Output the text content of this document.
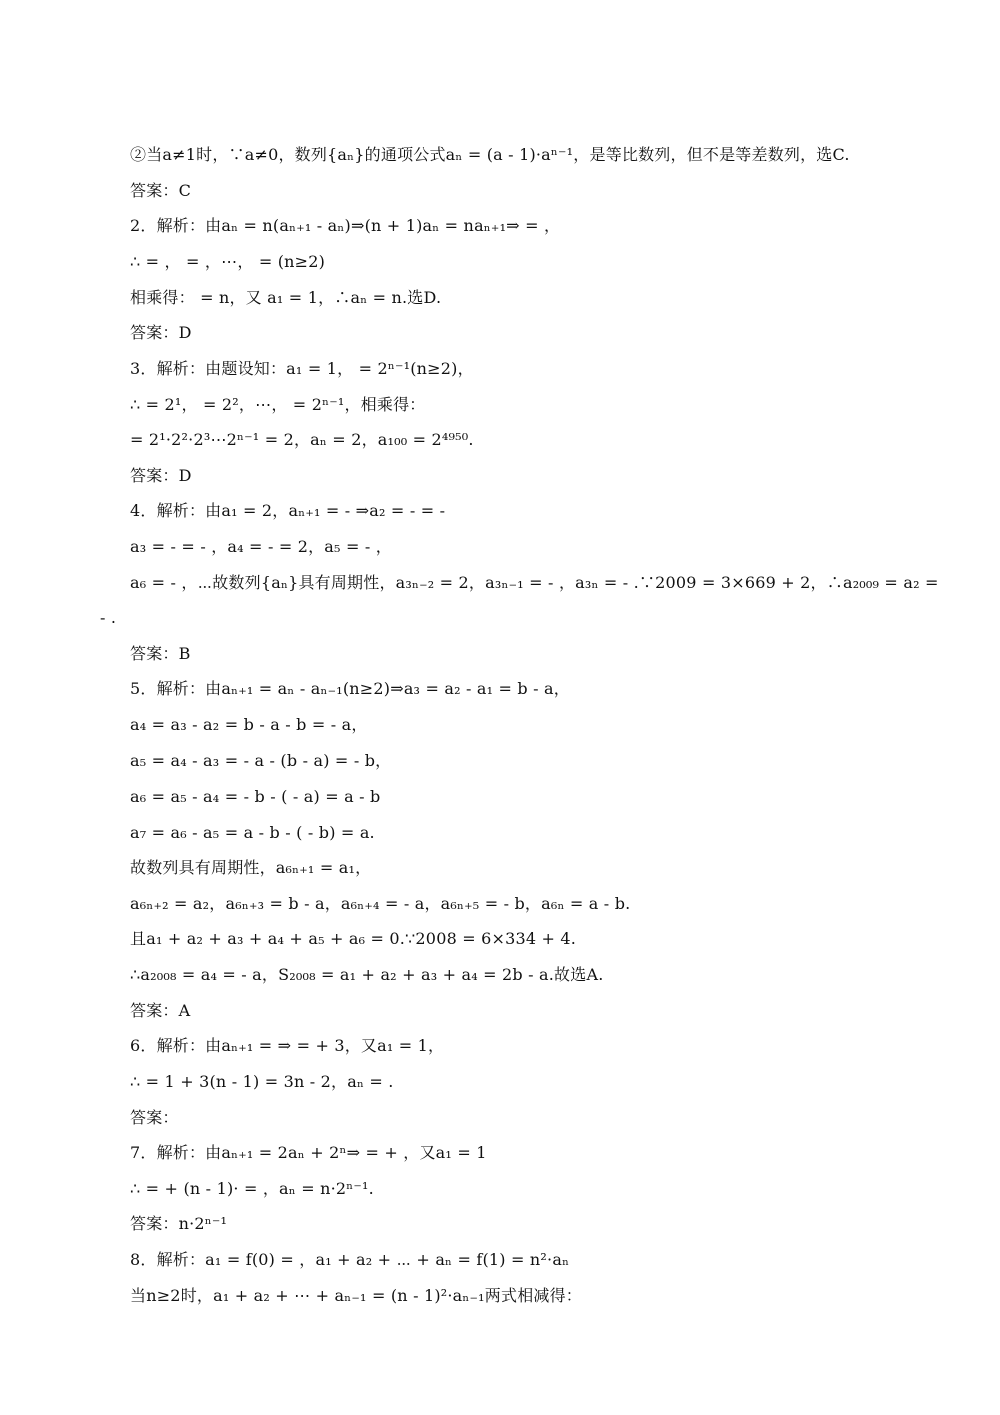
②当a≠1时，∵a≠0，数列{aₙ}的通项公式aₙ = (a - 1)·aⁿ⁻¹，是等比数列，但不是等差数列，选C.
答案：C
2．解析：由aₙ = n(aₙ₊₁ - aₙ)⇒(n + 1)aₙ = naₙ₊₁⇒ = ，
∴ = ， = ，⋯， = (n≥2)
相乘得： = n，又 a₁ = 1，∴aₙ = n.选D.
答案：D
3．解析：由题设知：a₁ = 1， = 2ⁿ⁻¹(n≥2)，
∴ = 2¹， = 2²，⋯， = 2ⁿ⁻¹，相乘得：
= 2¹·2²·2³⋯2ⁿ⁻¹ = 2，aₙ = 2，a₁₀₀ = 2⁴⁹⁵⁰.
答案：D
4．解析：由a₁ = 2，aₙ₊₁ = - ⇒a₂ = - = -
a₃ = - = - ，a₄ = - = 2，a₅ = - ，
a₆ = - ，⋯故数列{aₙ}具有周期性，a₃ₙ₋₂ = 2，a₃ₙ₋₁ = - ，a₃ₙ = - .∵2009 = 3×669 + 2，∴a₂₀₀₉ = a₂ =
- .
答案：B
5．解析：由aₙ₊₁ = aₙ - aₙ₋₁(n≥2)⇒a₃ = a₂ - a₁ = b - a，
a₄ = a₃ - a₂ = b - a - b = - a，
a₅ = a₄ - a₃ = - a - (b - a) = - b，
a₆ = a₅ - a₄ = - b - ( - a) = a - b
a₇ = a₆ - a₅ = a - b - ( - b) = a.
故数列具有周期性，a₆ₙ₊₁ = a₁，
a₆ₙ₊₂ = a₂，a₆ₙ₊₃ = b - a，a₆ₙ₊₄ = - a，a₆ₙ₊₅ = - b，a₆ₙ = a - b.
且a₁ + a₂ + a₃ + a₄ + a₅ + a₆ = 0.∵2008 = 6×334 + 4.
∴a₂₀₀₈ = a₄ = - a，S₂₀₀₈ = a₁ + a₂ + a₃ + a₄ = 2b - a.故选A.
答案：A
6．解析：由aₙ₊₁ = ⇒ = + 3，又a₁ = 1，
∴ = 1 + 3(n - 1) = 3n - 2，aₙ = .
答案：
7．解析：由aₙ₊₁ = 2aₙ + 2ⁿ⇒ = + ，又a₁ = 1
∴ = + (n - 1)· = ，aₙ = n·2ⁿ⁻¹.
答案：n·2ⁿ⁻¹
8．解析：a₁ = f(0) = ，a₁ + a₂ + ⋯ + aₙ = f(1) = n²·aₙ
当n≥2时，a₁ + a₂ + ⋯ + aₙ₋₁ = (n - 1)²·aₙ₋₁两式相减得：
